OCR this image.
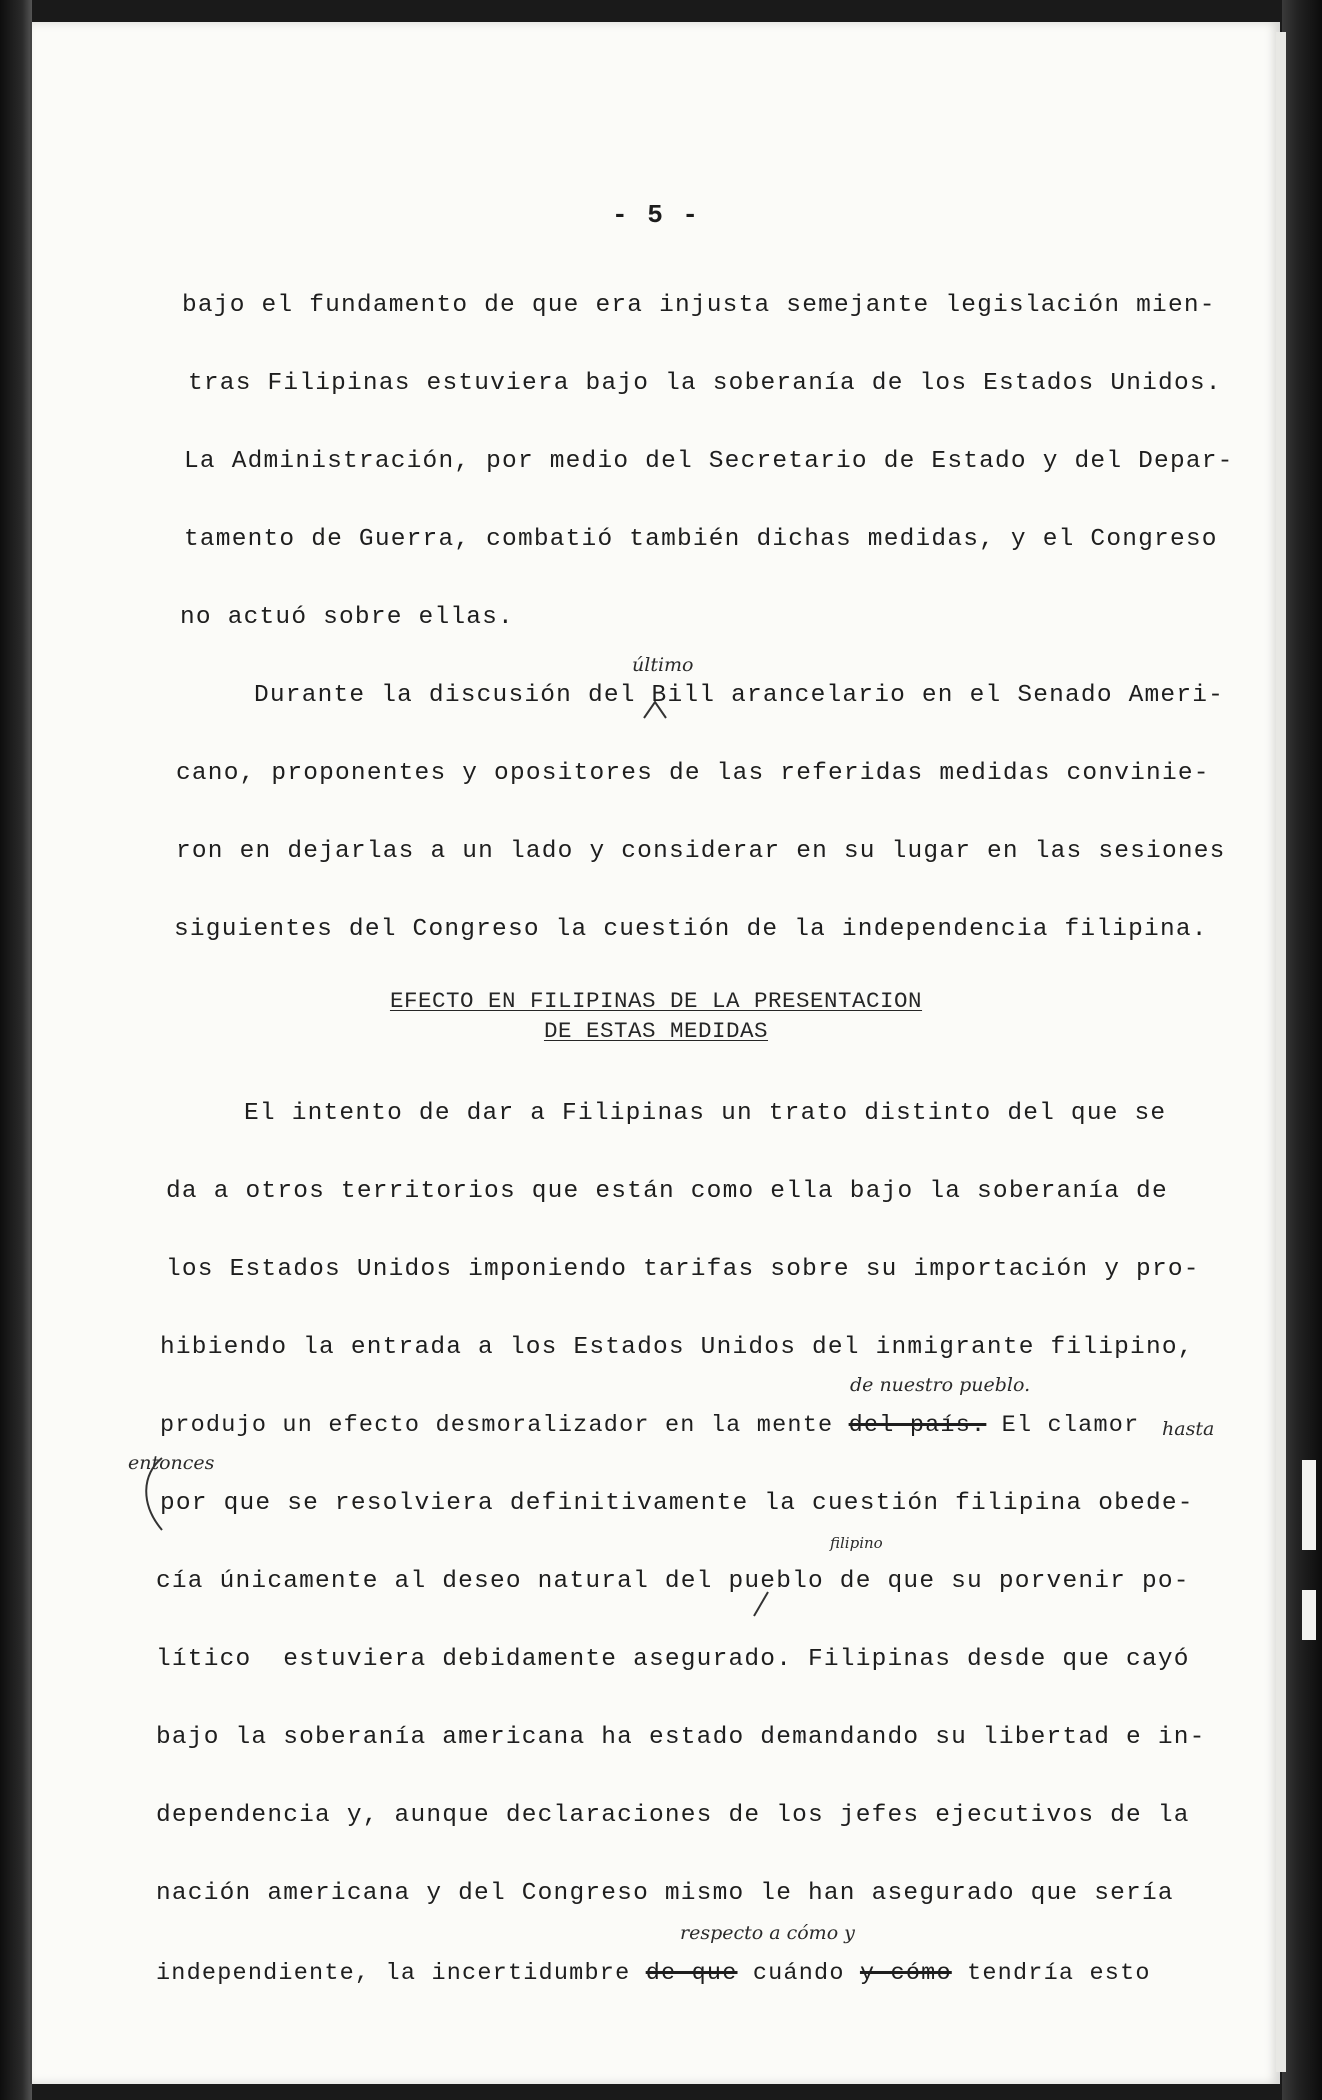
- 5 -
bajo el fundamento de que era injusta semejante legislación mien-
tras Filipinas estuviera bajo la soberanía de los Estados Unidos.
La Administración, por medio del Secretario de Estado y del Depar-
tamento de Guerra, combatió también dichas medidas, y el Congreso
no actuó sobre ellas.
último
Durante la discusión del Bill arancelario en el Senado Ameri-
cano, proponentes y opositores de las referidas medidas convinie-
ron en dejarlas a un lado y considerar en su lugar en las sesiones
siguientes del Congreso la cuestión de la independencia filipina.
EFECTO EN FILIPINAS DE LA PRESENTACION
DE ESTAS MEDIDAS
El intento de dar a Filipinas un trato distinto del que se
da a otros territorios que están como ella bajo la soberanía de
los Estados Unidos imponiendo tarifas sobre su importación y pro-
hibiendo la entrada a los Estados Unidos del inmigrante filipino,
de nuestro pueblo.
produjo un efecto desmoralizador en la mente del país. El clamor hasta
entonces
por que se resolviera definitivamente la cuestión filipina obede-
filipino
cía únicamente al deseo natural del pueblo de que su porvenir po-
lítico  estuviera debidamente asegurado. Filipinas desde que cayó
bajo la soberanía americana ha estado demandando su libertad e in-
dependencia y, aunque declaraciones de los jefes ejecutivos de la
nación americana y del Congreso mismo le han asegurado que sería
respecto a cómo y
independiente, la incertidumbre de que cuándo y cómo tendría esto
